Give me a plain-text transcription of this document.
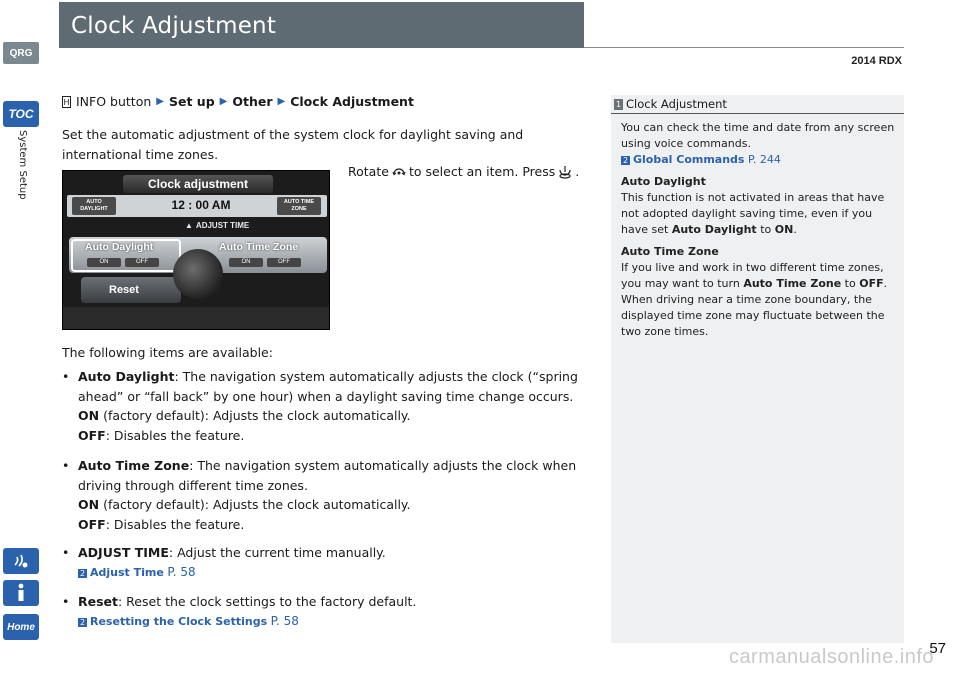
Clock Adjustment
2014 RDX
QRG
TOC
System Setup
Home
H INFO button ▶ Set up ▶ Other ▶ Clock Adjustment
Set the automatic adjustment of the system clock for daylight saving and international time zones.
Rotate to select an item. Press .
Clock adjustment
AUTO DAYLIGHT	12 : 00 AM	AUTO TIME ZONE
▲ ADJUST TIME
Auto Daylight	Auto Time Zone
ON	OFF	ON	OFF
Reset
The following items are available:
• Auto Daylight: The navigation system automatically adjusts the clock (“spring ahead” or “fall back” by one hour) when a daylight saving time change occurs.
ON (factory default): Adjusts the clock automatically.
OFF: Disables the feature.
• Auto Time Zone: The navigation system automatically adjusts the clock when driving through different time zones.
ON (factory default): Adjusts the clock automatically.
OFF: Disables the feature.
• ADJUST TIME: Adjust the current time manually.
2 Adjust Time P. 58
• Reset: Reset the clock settings to the factory default.
2 Resetting the Clock Settings P. 58
1 Clock Adjustment

You can check the time and date from any screen using voice commands.
2 Global Commands P. 244

Auto Daylight
This function is not activated in areas that have not adopted daylight saving time, even if you have set Auto Daylight to ON.

Auto Time Zone
If you live and work in two different time zones, you may want to turn Auto Time Zone to OFF. When driving near a time zone boundary, the displayed time zone may fluctuate between the two zone times.

carmanualsonline.info
57
